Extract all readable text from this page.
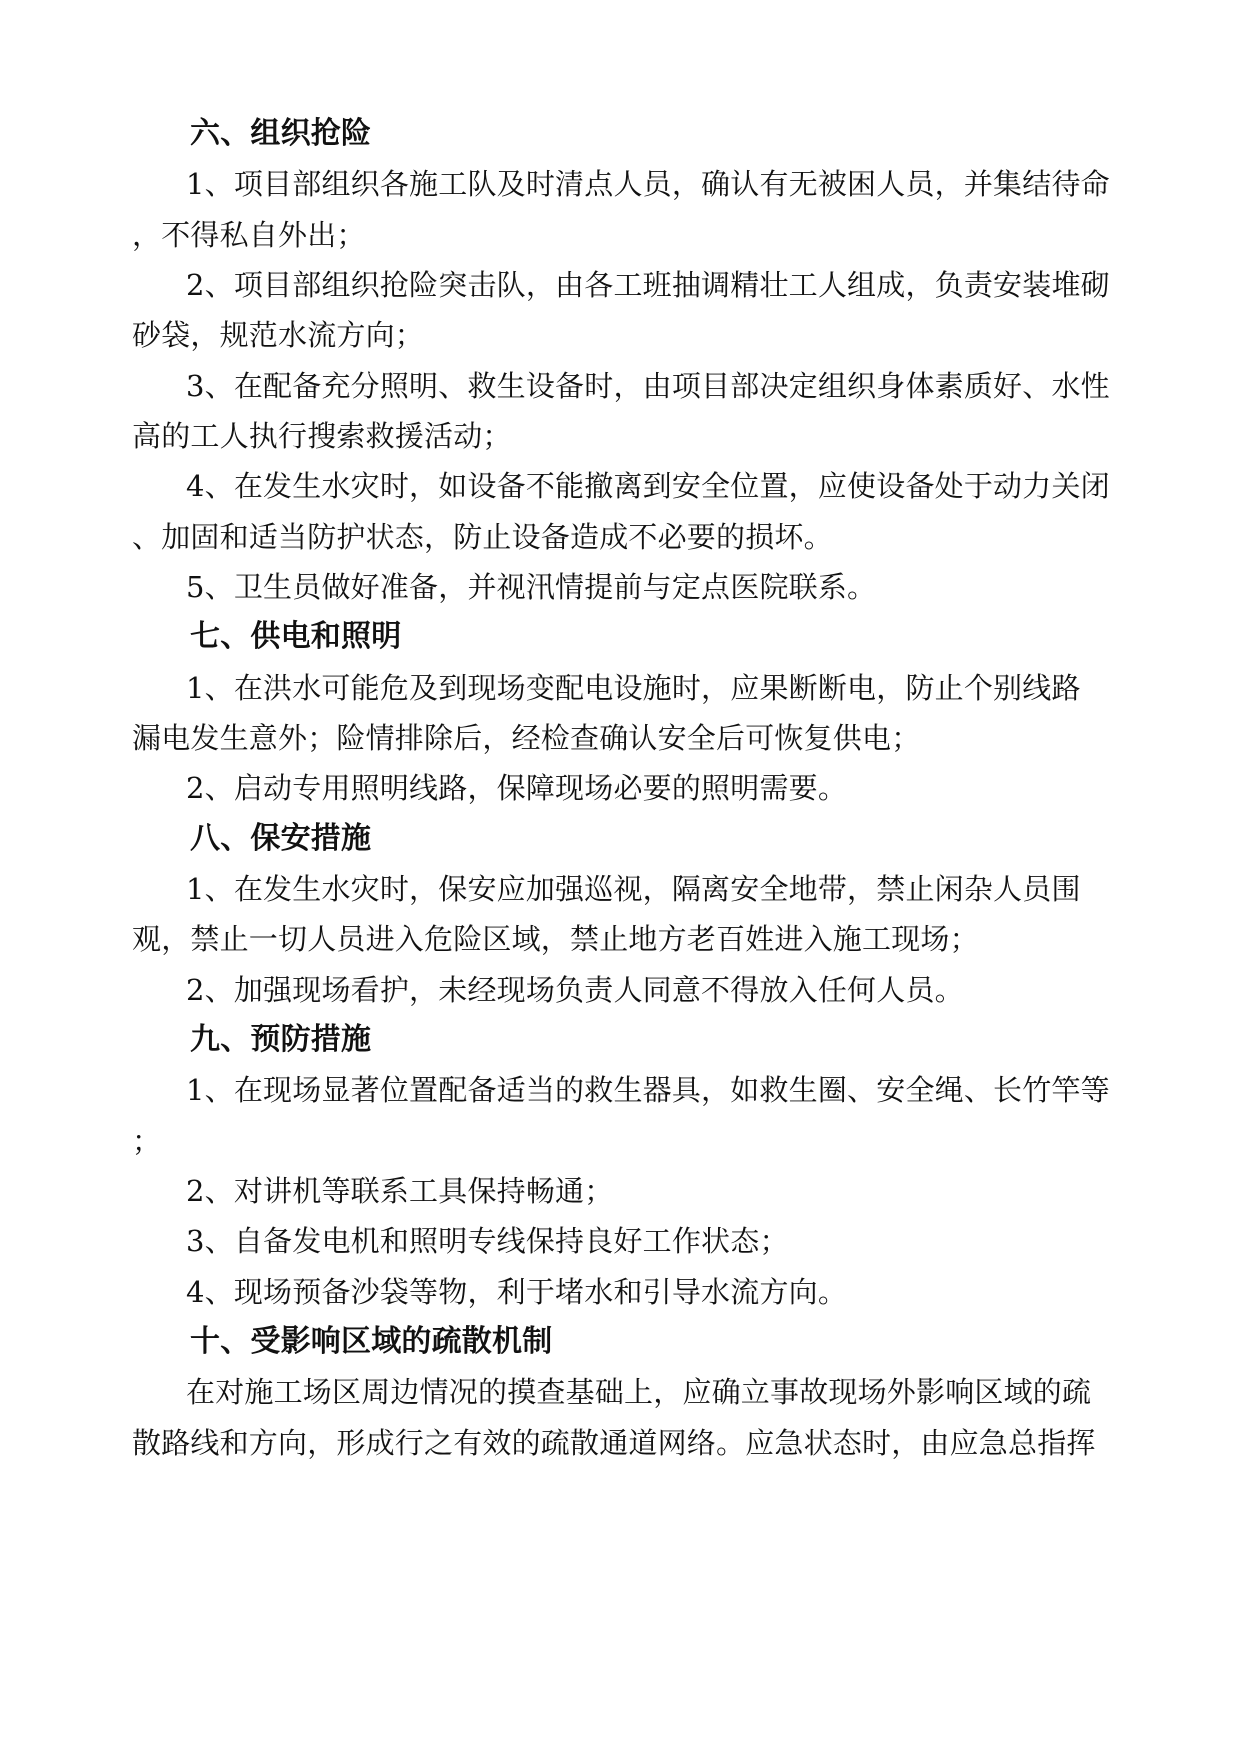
六、组织抢险
1、项目部组织各施工队及时清点人员，确认有无被困人员，并集结待命
，不得私自外出；
2、项目部组织抢险突击队，由各工班抽调精壮工人组成，负责安装堆砌
砂袋，规范水流方向；
3、在配备充分照明、救生设备时，由项目部决定组织身体素质好、水性
高的工人执行搜索救援活动；
4、在发生水灾时，如设备不能撤离到安全位置，应使设备处于动力关闭
、加固和适当防护状态，防止设备造成不必要的损坏。
5、卫生员做好准备，并视汛情提前与定点医院联系。
七、供电和照明
1、在洪水可能危及到现场变配电设施时，应果断断电，防止个别线路
漏电发生意外；险情排除后，经检查确认安全后可恢复供电；
2、启动专用照明线路，保障现场必要的照明需要。
八、保安措施
1、在发生水灾时，保安应加强巡视，隔离安全地带，禁止闲杂人员围
观，禁止一切人员进入危险区域，禁止地方老百姓进入施工现场；
2、加强现场看护，未经现场负责人同意不得放入任何人员。
九、预防措施
1、在现场显著位置配备适当的救生器具，如救生圈、安全绳、长竹竿等
；
2、对讲机等联系工具保持畅通；
3、自备发电机和照明专线保持良好工作状态；
4、现场预备沙袋等物，利于堵水和引导水流方向。
十、受影响区域的疏散机制
在对施工场区周边情况的摸查基础上，应确立事故现场外影响区域的疏
散路线和方向，形成行之有效的疏散通道网络。应急状态时，由应急总指挥
